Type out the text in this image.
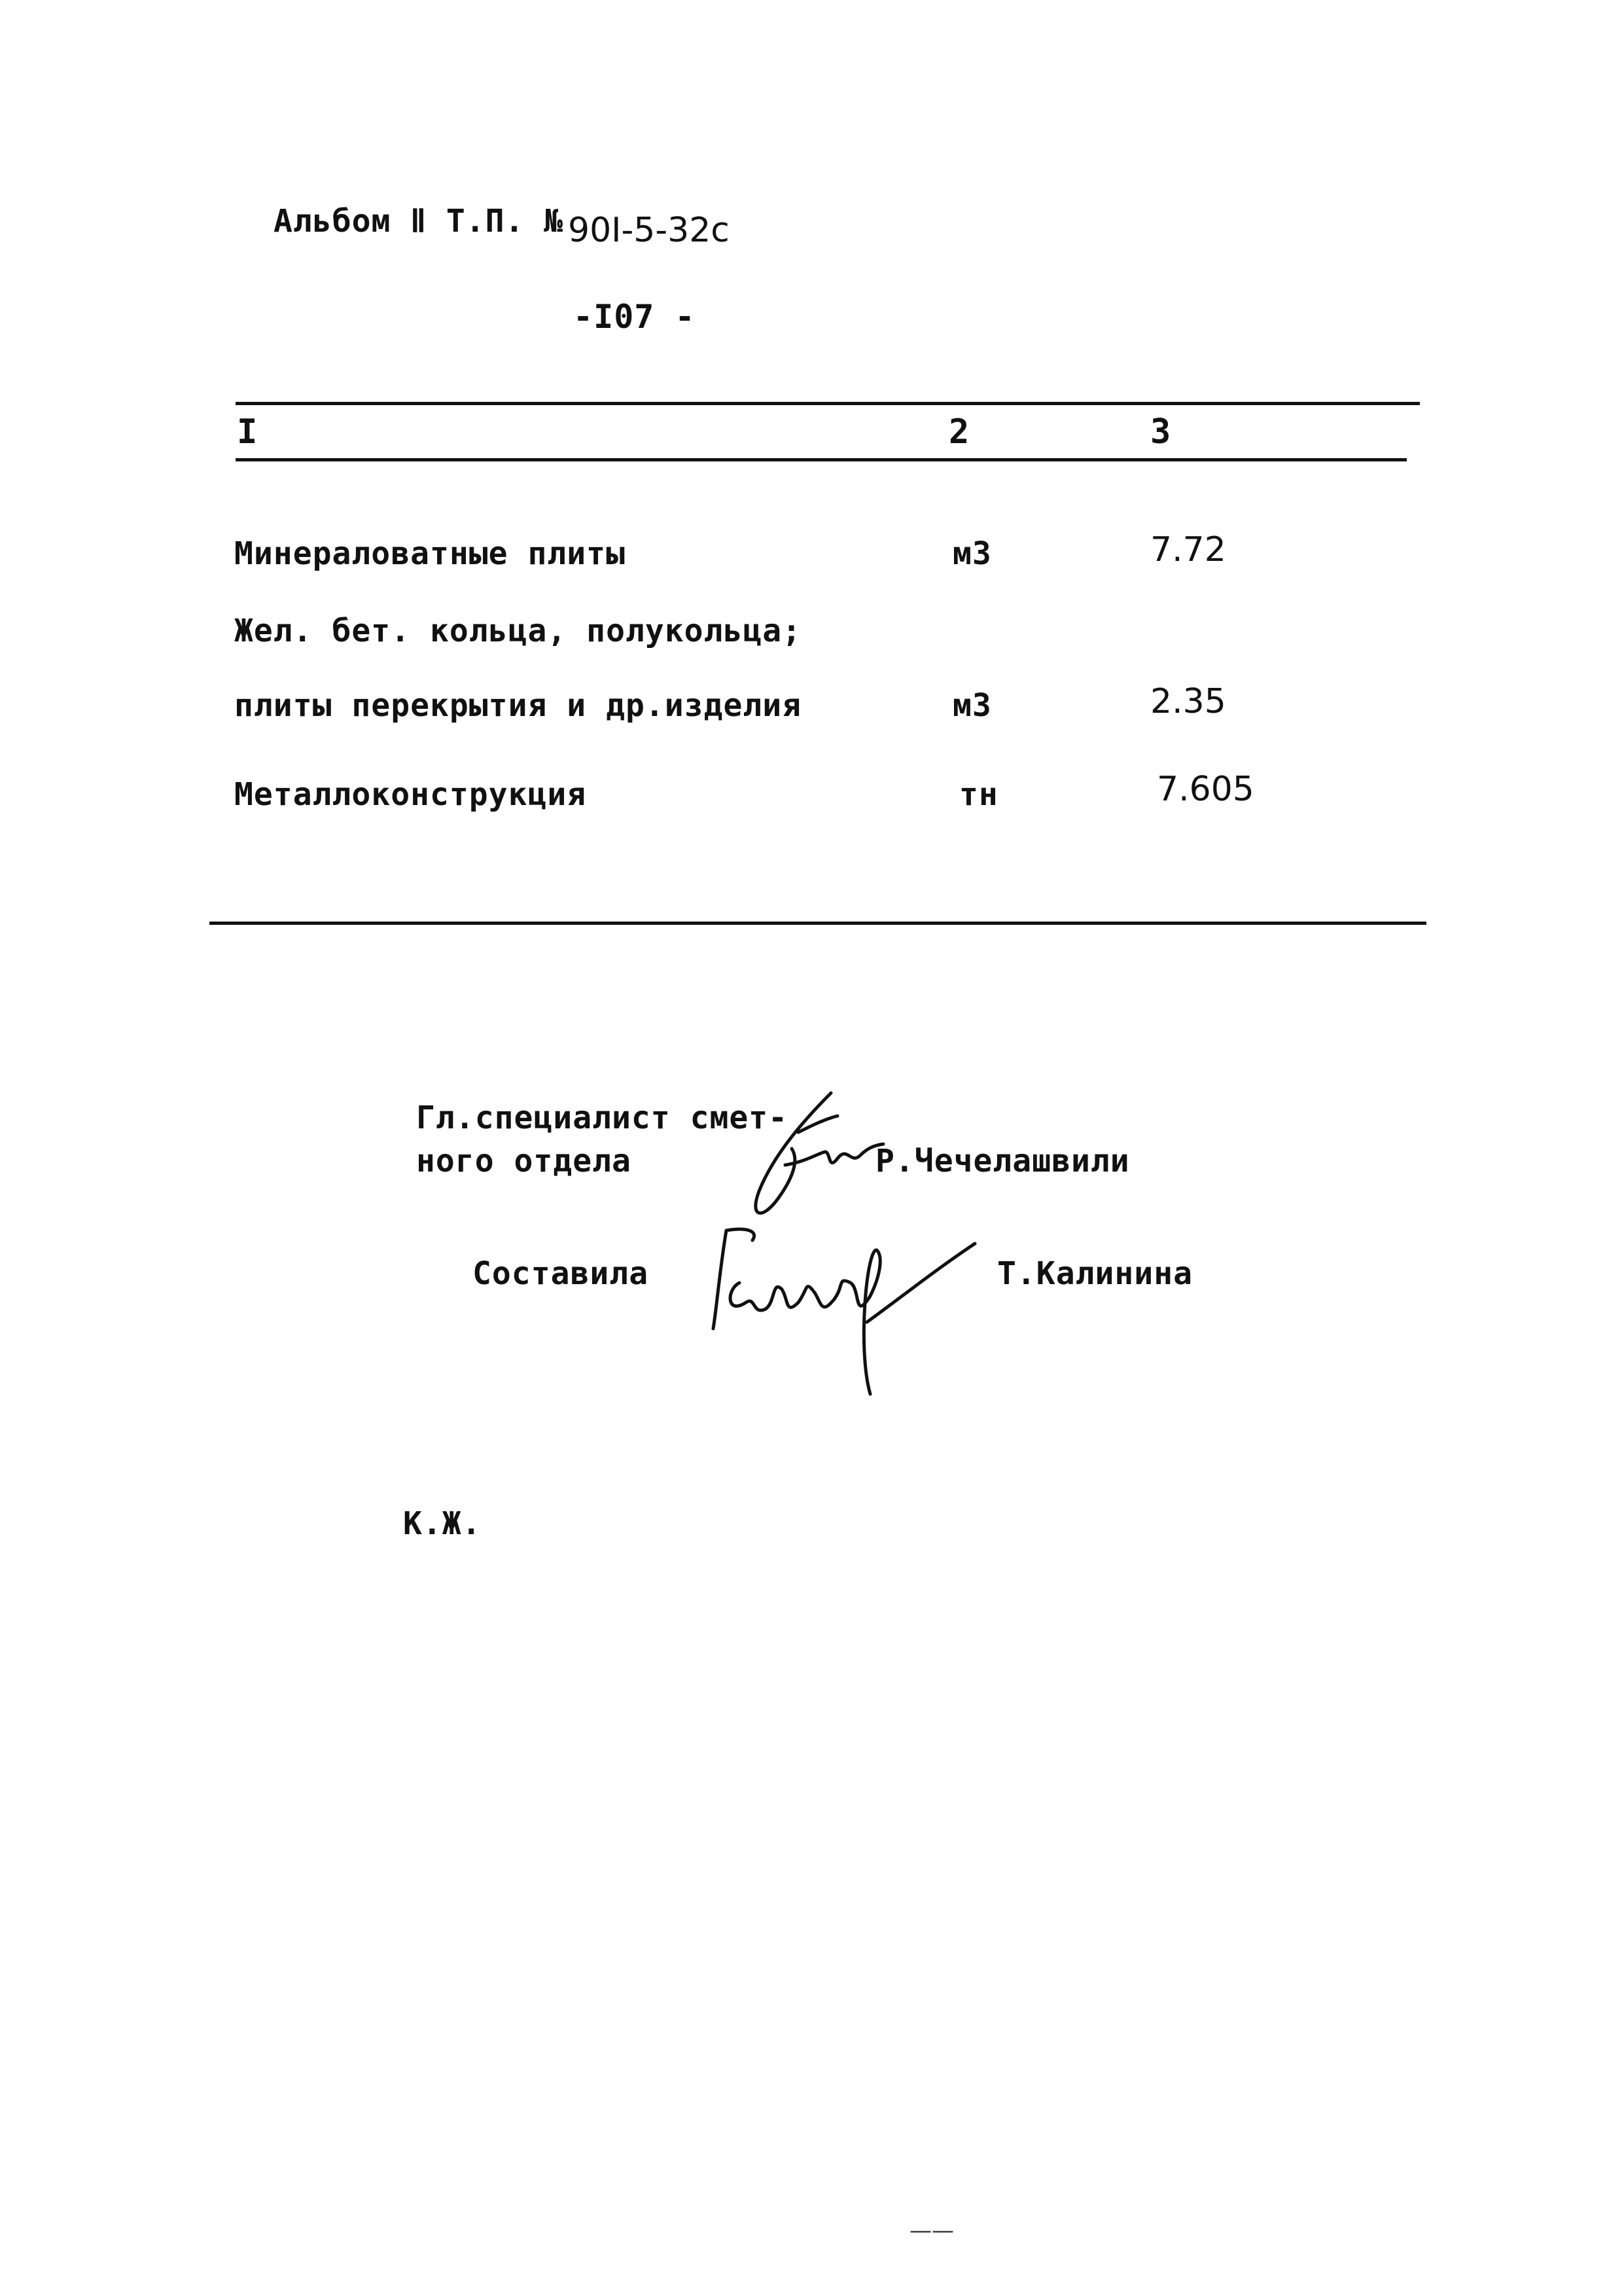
Альбом Ⅱ Т.П. № 90I-5-32с
-I07 -
I	2	3
Минераловатные плиты	м3	7.72
Жел. бет. кольца, полукольца;
плиты перекрытия и др.изделия	м3	2.35
Металлоконструкция	тн	7.605
Гл.специалист смет-
ного отдела	Р.Чечелашвили
Составила	Т.Калинина
К.Ж.
——
